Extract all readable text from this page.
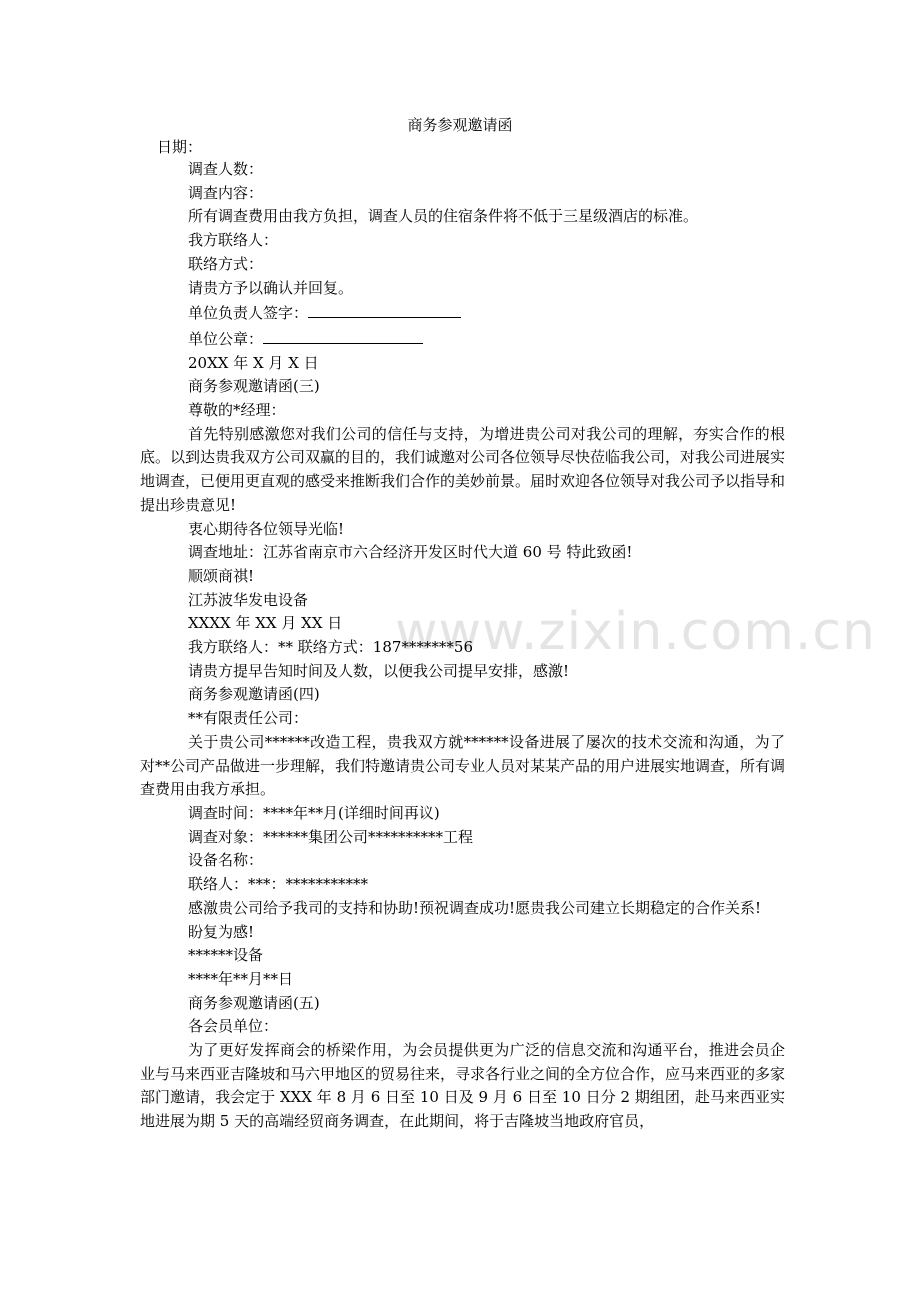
www.zixin.com.cn
商务参观邀请函
日期：
调查人数：
调查内容：
所有调查费用由我方负担，调查人员的住宿条件将不低于三星级酒店的标准。
我方联络人：
联络方式：
请贵方予以确认并回复。
单位负责人签字：
单位公章：
20XX 年 X 月 X 日
商务参观邀请函(三)
尊敬的*经理：
首先特别感激您对我们公司的信任与支持，为增进贵公司对我公司的理解，夯实合作的根底。以到达贵我双方公司双赢的目的，我们诚邀对公司各位领导尽快莅临我公司，对我公司进展实地调查，已便用更直观的感受来推断我们合作的美妙前景。届时欢迎各位领导对我公司予以指导和提出珍贵意见!
衷心期待各位领导光临!
调查地址：江苏省南京市六合经济开发区时代大道 60 号 特此致函!
顺颂商祺!
江苏波华发电设备
XXXX 年 XX 月 XX 日
我方联络人：** 联络方式：187*******56
请贵方提早告知时间及人数，以便我公司提早安排，感激!
商务参观邀请函(四)
**有限责任公司：
关于贵公司******改造工程，贵我双方就******设备进展了屡次的技术交流和沟通，为了对**公司产品做进一步理解，我们特邀请贵公司专业人员对某某产品的用户进展实地调查，所有调查费用由我方承担。
调查时间：****年**月(详细时间再议)
调查对象：******集团公司**********工程
设备名称：
联络人：***：***********
感激贵公司给予我司的支持和协助!预祝调查成功!愿贵我公司建立长期稳定的合作关系!
盼复为感!
******设备
****年**月**日
商务参观邀请函(五)
各会员单位：
为了更好发挥商会的桥梁作用，为会员提供更为广泛的信息交流和沟通平台，推进会员企业与马来西亚吉隆坡和马六甲地区的贸易往来，寻求各行业之间的全方位合作，应马来西亚的多家部门邀请，我会定于 XXX 年 8 月 6 日至 10 日及 9 月 6 日至 10 日分 2 期组团，赴马来西亚实地进展为期 5 天的高端经贸商务调查，在此期间，将于吉隆坡当地政府官员，
